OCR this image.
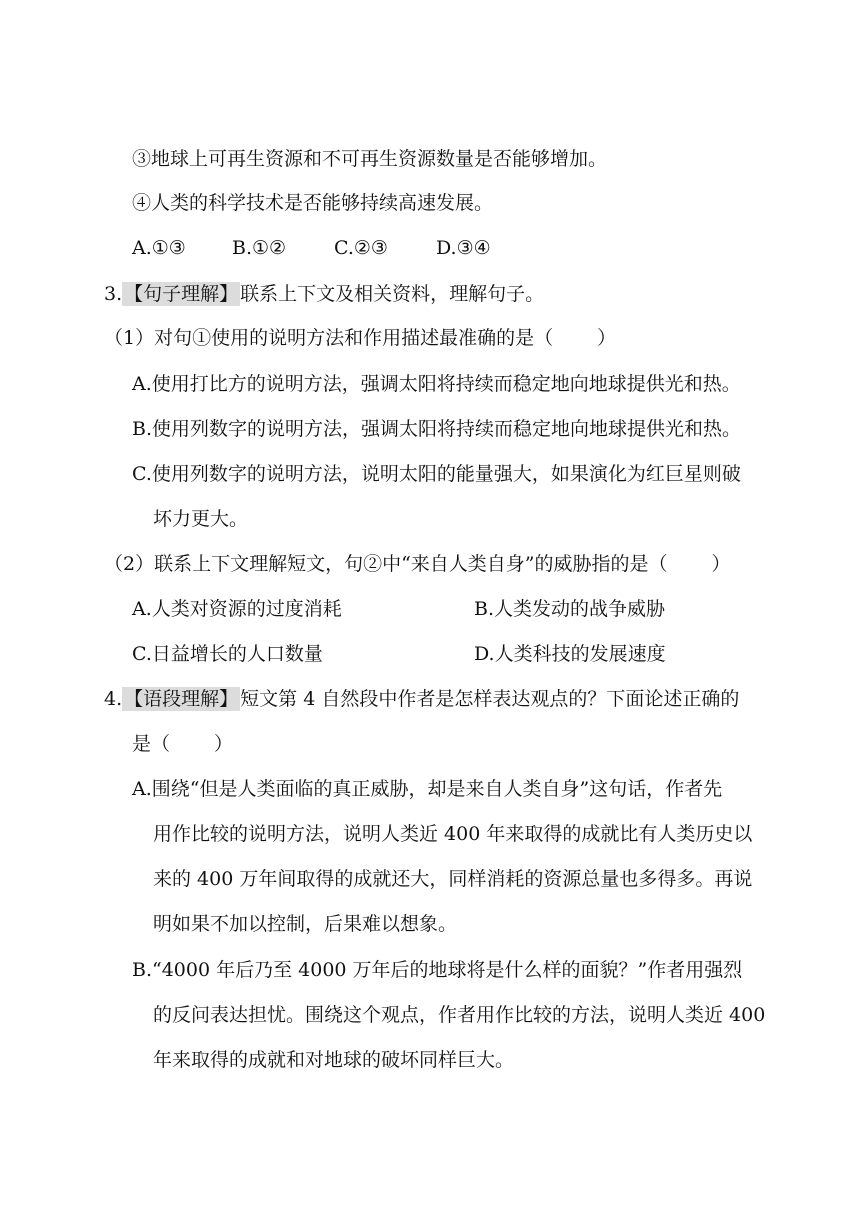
③地球上可再生资源和不可再生资源数量是否能够增加。
④人类的科学技术是否能够持续高速发展。
A.①③ B.①②	C.②③	D.③④
3. 【句子理解】 联系上下文及相关资料，理解句子。
（1）对句①使用的说明方法和作用描述最准确的是（ ）
A.使用打比方的说明方法，强调太阳将持续而稳定地向地球提供光和热。
B.使用列数字的说明方法，强调太阳将持续而稳定地向地球提供光和热。
C.使用列数字的说明方法，说明太阳的能量强大，如果演化为红巨星则破
坏力更大。
（2）联系上下文理解短文，句②中“来自人类自身”的威胁指的是（ ）
A.人类对资源的过度消耗	B.人类发动的战争威胁
C.日益增长的人口数量	D.人类科技的发展速度
4. 【语段理解】 短文第 4 自然段中作者是怎样表达观点的？下面论述正确的
是（ ）
A.围绕“但是人类面临的真正威胁，却是来自人类自身”这句话，作者先
用作比较的说明方法，说明人类近 400 年来取得的成就比有人类历史以
来的 400 万年间取得的成就还大，同样消耗的资源总量也多得多。再说
明如果不加以控制，后果难以想象。
B.“4000 年后乃至 4000 万年后的地球将是什么样的面貌？”作者用强烈
的反问表达担忧。围绕这个观点，作者用作比较的方法，说明人类近 400
年来取得的成就和对地球的破坏同样巨大。
